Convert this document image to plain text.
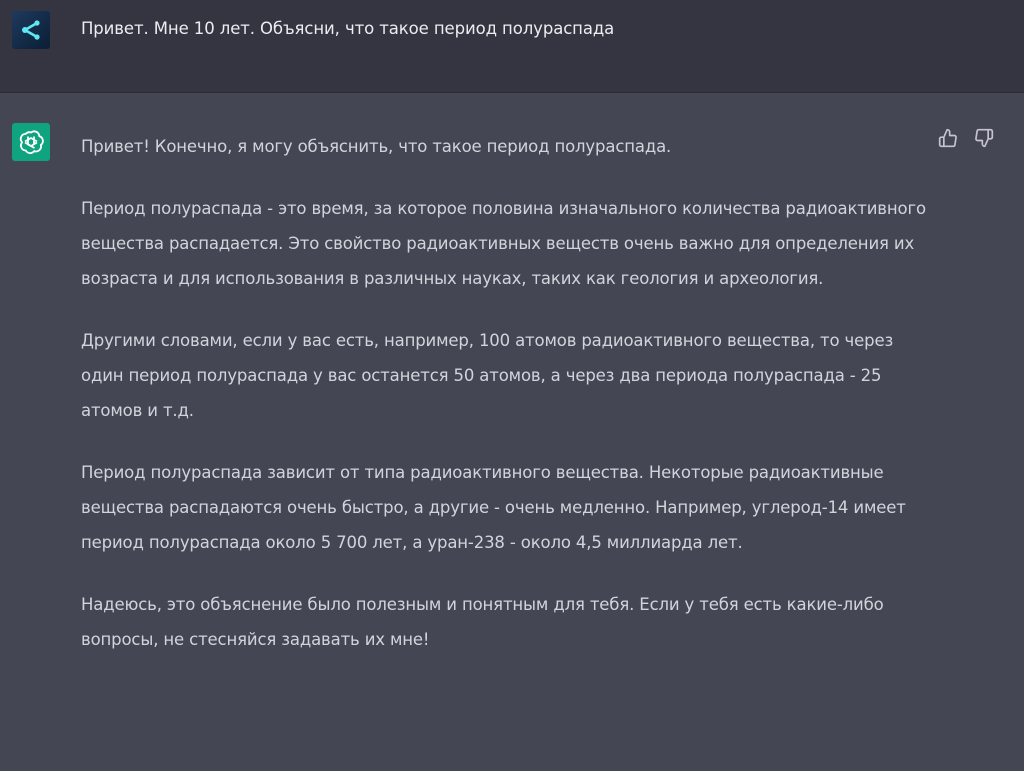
Привет. Мне 10 лет. Объясни, что такое период полураспада

Привет! Конечно, я могу объяснить, что такое период полураспада.

Период полураспада - это время, за которое половина изначального количества радиоактивного вещества распадается. Это свойство радиоактивных веществ очень важно для определения их возраста и для использования в различных науках, таких как геология и археология.

Другими словами, если у вас есть, например, 100 атомов радиоактивного вещества, то через один период полураспада у вас останется 50 атомов, а через два периода полураспада - 25 атомов и т.д.

Период полураспада зависит от типа радиоактивного вещества. Некоторые радиоактивные вещества распадаются очень быстро, а другие - очень медленно. Например, углерод-14 имеет период полураспада около 5 700 лет, а уран-238 - около 4,5 миллиарда лет.

Надеюсь, это объяснение было полезным и понятным для тебя. Если у тебя есть какие-либо вопросы, не стесняйся задавать их мне!
